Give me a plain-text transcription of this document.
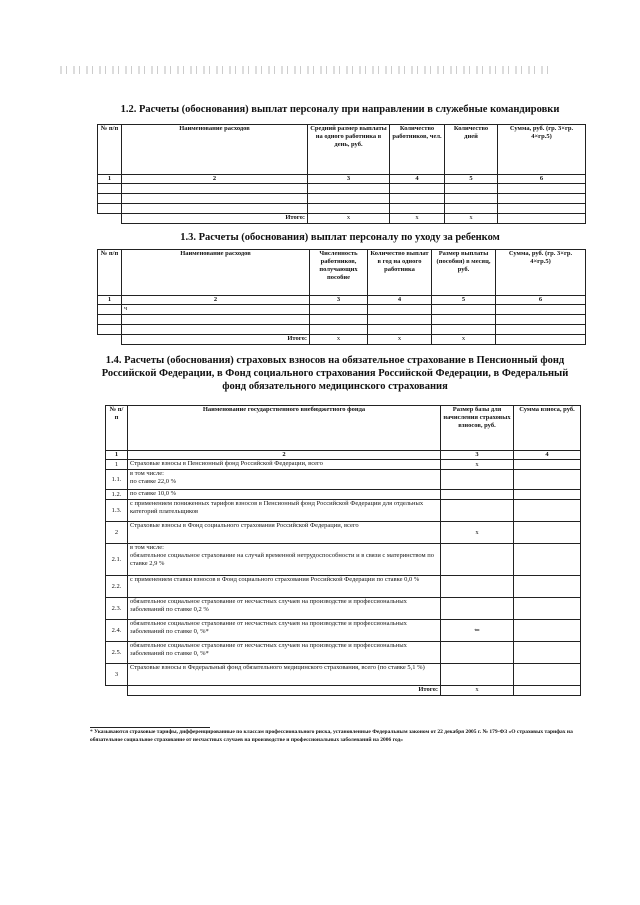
1.2. Расчеты (обоснования) выплат персоналу при направлении в служебные командировки
№ п/п	Наименование расходов	Средний размер выплаты на одного работника в день, руб.	Количество работников, чел.	Количество дней	Сумма, руб. (гр. 3×гр. 4×гр.5)
1	2	3	4	5	6

	Итого:	x	x	x	
1.3. Расчеты (обоснования) выплат персоналу по уходу за ребенком
№ п/п	Наименование расходов	Численность работников, получающих пособие	Количество выплат в год на одного работника	Размер выплаты (пособия) в месяц, руб.	Сумма, руб. (гр. 3×гр. 4×гр.5)
1	2	3	4	5	6
	ч				

	Итого:	x	x	x	
1.4. Расчеты (обоснования) страховых взносов на обязательное страхование в Пенсионный фонд Российской Федерации, в Фонд социального страхования Российской Федерации, в Федеральный фонд обязательного медицинского страхования
№ п/п	Наименование государственного внебюджетного фонда	Размер базы для начисления страховых взносов, руб.	Сумма взноса, руб.
1	2	3	4
1	Страховые взносы в Пенсионный фонд Российской Федерации, всего	x	
1.1.	в том числе:
по ставке 22,0 %		
1.2.	по ставке 10,0 %		
1.3.	с применением пониженных тарифов взносов в Пенсионный фонд Российской Федерации для отдельных категорий плательщиков		
2	Страховые взносы в Фонд социального страхования Российской Федерации, всего	x	
2.1.	в том числе:
обязательное социальное страхование на случай временной нетрудоспособности и в связи с материнством по ставке 2,9 %		
2.2.	с применением ставки взносов в Фонд социального страхования Российской Федерации по ставке 0,0 %		
2.3.	обязательное социальное страхование от несчастных случаев на производстве и профессиональных заболеваний по ставке 0,2 %		
2.4.	обязательное социальное страхование от несчастных случаев на производстве и профессиональных заболеваний по ставке 0, %*	⇐	
2.5.	обязательное социальное страхование от несчастных случаев на производстве и профессиональных заболеваний по ставке 0, %*		
3	Страховые взносы в Федеральный фонд обязательного медицинского страхования, всего (по ставке 5,1 %)		
	Итого:	x	
* Указываются страховые тарифы, дифференцированные по классам профессионального риска, установленные Федеральным законом от 22 декабря 2005 г. № 179-ФЗ «О страховых тарифах на обязательное социальное страхование от несчастных случаев на производстве и профессиональных заболеваний на 2006 год»
